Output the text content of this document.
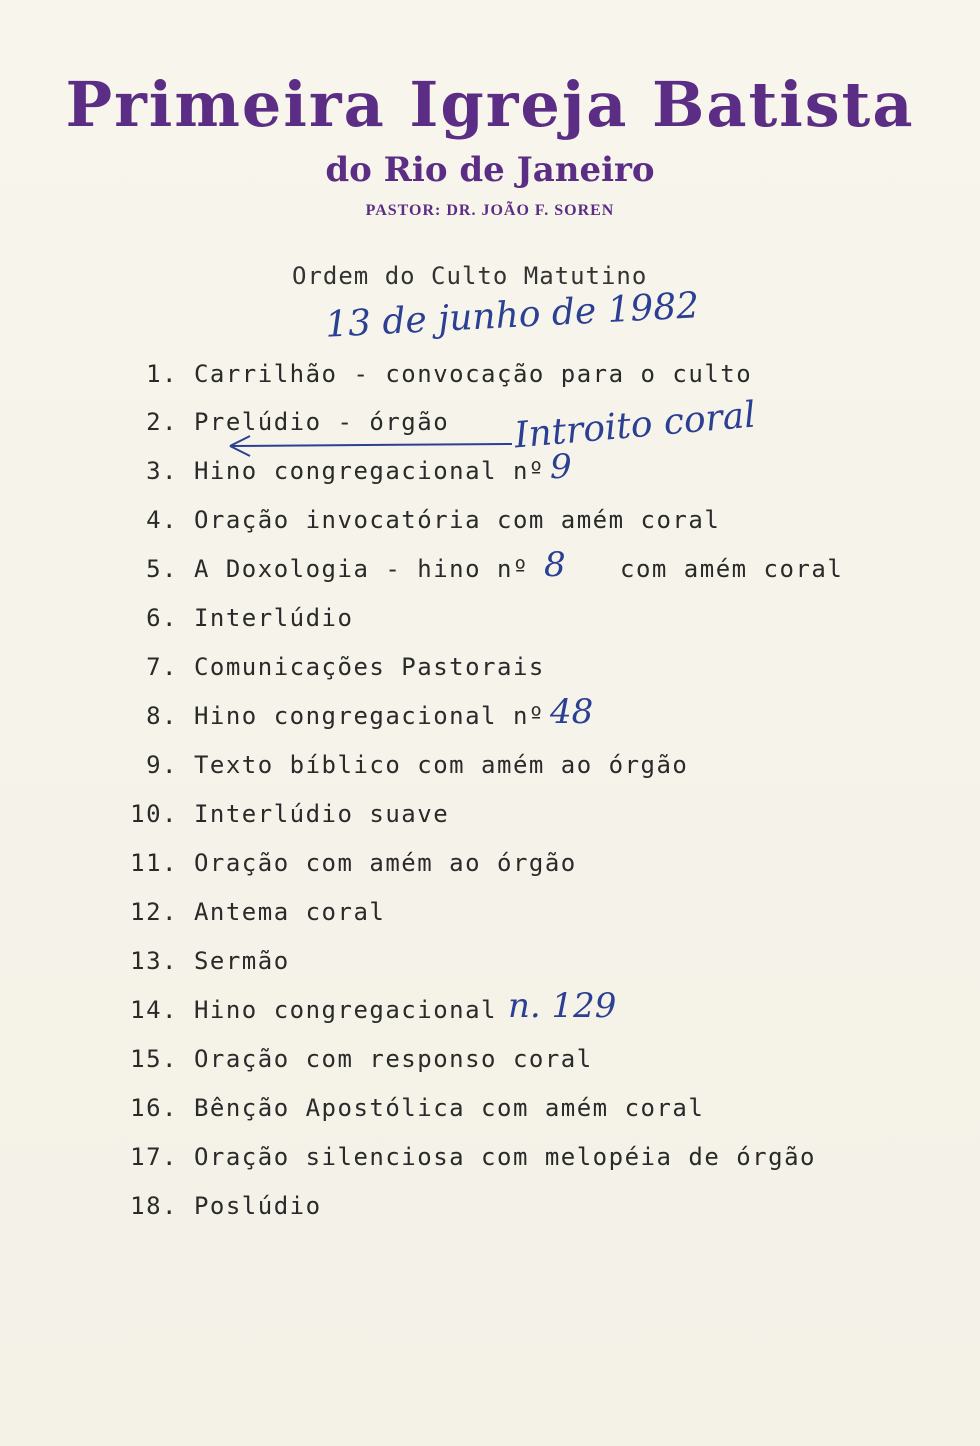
Primeira Igreja Batista
do Rio de Janeiro
PASTOR: DR. JOÃO F. SOREN
Ordem do Culto Matutino
13 de junho de 1982
Introito coral
1. Carrilhão - convocação para o culto
2. Prelúdio - órgão
3. Hino congregacional nº 9
4. Oração invocatória com amém coral
5. A Doxologia - hino nº 8 com amém coral
6. Interlúdio
7. Comunicações Pastorais
8. Hino congregacional nº 48
9. Texto bíblico com amém ao órgão
10. Interlúdio suave
11. Oração com amém ao órgão
12. Antema coral
13. Sermão
14. Hino congregacional n. 129
15. Oração com responso coral
16. Bênção Apostólica com amém coral
17. Oração silenciosa com melopéia de órgão
18. Poslúdio
